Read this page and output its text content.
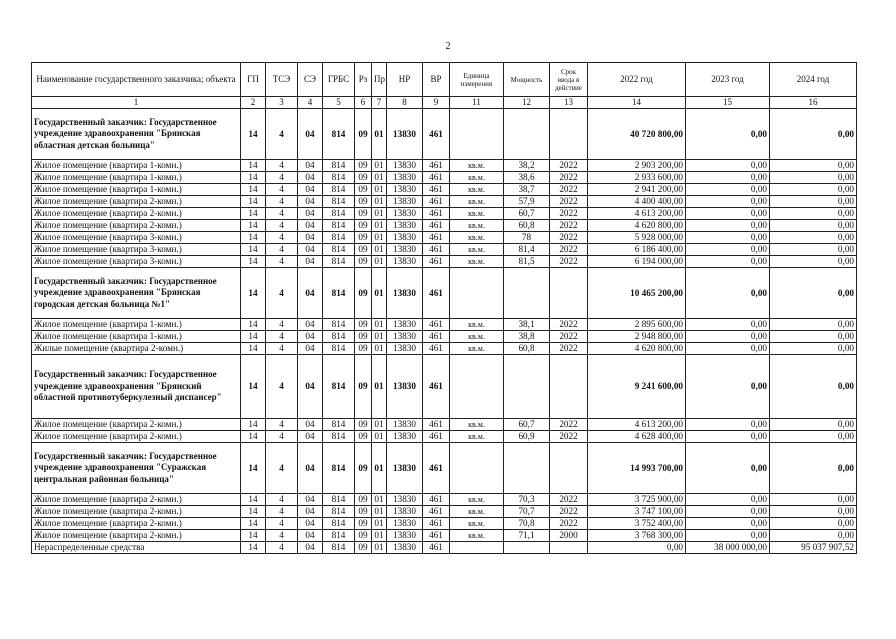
2
Наименование государственного заказчика; объекта	ГП	ТСЭ	СЭ	ГРБС	Рз	Пр	НР	ВР	Единица измерения	Мощность	Срок ввода в действие	2022 год	2023 год	2024 год
1	2	3	4	5	6	7	8	9	11	12	13	14	15	16
Государственный заказчик: Государственное учреждение здравоохранения "Брянская областная детская больница"	14	4	04	814	09	01	13830	461				40 720 800,00	0,00	0,00
Жилое помещение (квартира 1-комн.)	14	4	04	814	09	01	13830	461	кв.м.	38,2	2022	2 903 200,00	0,00	0,00
Жилое помещение (квартира 1-комн.)	14	4	04	814	09	01	13830	461	кв.м.	38,6	2022	2 933 600,00	0,00	0,00
Жилое помещение (квартира 1-комн.)	14	4	04	814	09	01	13830	461	кв.м.	38,7	2022	2 941 200,00	0,00	0,00
Жилое помещение (квартира 2-комн.)	14	4	04	814	09	01	13830	461	кв.м.	57,9	2022	4 400 400,00	0,00	0,00
Жилое помещение (квартира 2-комн.)	14	4	04	814	09	01	13830	461	кв.м.	60,7	2022	4 613 200,00	0,00	0,00
Жилое помещение (квартира 2-комн.)	14	4	04	814	09	01	13830	461	кв.м.	60,8	2022	4 620 800,00	0,00	0,00
Жилое помещение (квартира 3-комн.)	14	4	04	814	09	01	13830	461	кв.м.	78	2022	5 928 000,00	0,00	0,00
Жилое помещение (квартира 3-комн.)	14	4	04	814	09	01	13830	461	кв.м.	81,4	2022	6 186 400,00	0,00	0,00
Жилое помещение (квартира 3-комн.)	14	4	04	814	09	01	13830	461	кв.м.	81,5	2022	6 194 000,00	0,00	0,00
Государственный заказчик: Государственное учреждение здравоохранения "Брянская городская детская больница №1"	14	4	04	814	09	01	13830	461				10 465 200,00	0,00	0,00
Жилое помещение (квартира 1-комн.)	14	4	04	814	09	01	13830	461	кв.м.	38,1	2022	2 895 600,00	0,00	0,00
Жилое помещение (квартира 1-комн.)	14	4	04	814	09	01	13830	461	кв.м.	38,8	2022	2 948 800,00	0,00	0,00
Жилые помещение (квартира 2-комн.)	14	4	04	814	09	01	13830	461	кв.м.	60,8	2022	4 620 800,00	0,00	0,00
Государственный заказчик: Государственное учреждение здравоохранения "Брянский областной противотуберкулезный диспансер"	14	4	04	814	09	01	13830	461				9 241 600,00	0,00	0,00
Жилое помещение (квартира 2-комн.)	14	4	04	814	09	01	13830	461	кв.м.	60,7	2022	4 613 200,00	0,00	0,00
Жилое помещение (квартира 2-комн.)	14	4	04	814	09	01	13830	461	кв.м.	60,9	2022	4 628 400,00	0,00	0,00
Государственный заказчик: Государственное учреждение здравоохранения "Суражская центральная районная больница"	14	4	04	814	09	01	13830	461				14 993 700,00	0,00	0,00
Жилое помещение (квартира 2-комн.)	14	4	04	814	09	01	13830	461	кв.м.	70,3	2022	3 725 900,00	0,00	0,00
Жилое помещение (квартира 2-комн.)	14	4	04	814	09	01	13830	461	кв.м.	70,7	2022	3 747 100,00	0,00	0,00
Жилое помещение (квартира 2-комн.)	14	4	04	814	09	01	13830	461	кв.м.	70,8	2022	3 752 400,00	0,00	0,00
Жилое помещение (квартира 2-комн.)	14	4	04	814	09	01	13830	461	кв.м.	71,1	2000	3 768 300,00	0,00	0,00
Нераспределенные средства	14	4	04	814	09	01	13830	461				0,00	38 000 000,00	95 037 907,52
